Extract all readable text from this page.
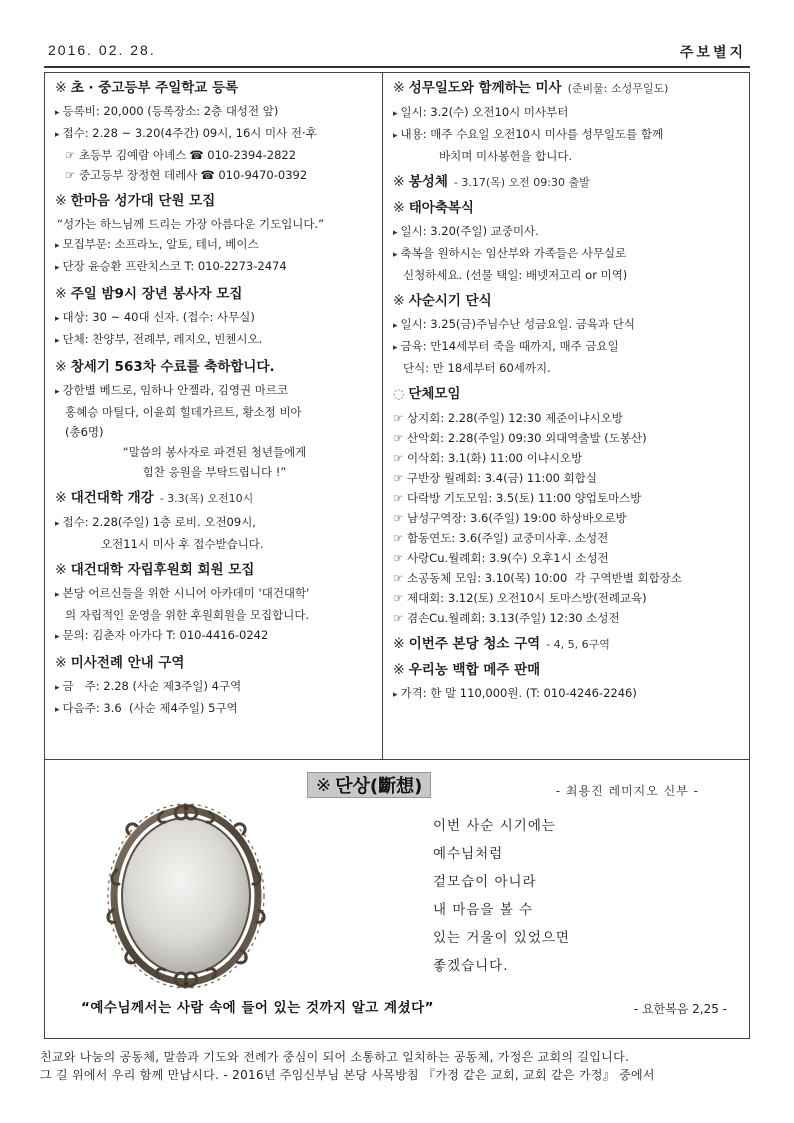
2016. 02. 28.	주보별지
※ 초 · 중고등부 주일학교 등록
▸ 등록비: 20,000 (등록장소: 2층 대성전 앞)
▸ 접수: 2.28 ~ 3.20(4주간) 09시, 16시 미사 전·후
☞ 초등부 김예람 아녜스 ☎ 010-2394-2822
☞ 중고등부 장정현 데레사 ☎ 010-9470-0392
※ 한마음 성가대 단원 모집
“성가는 하느님께 드리는 가장 아름다운 기도입니다.”
▸ 모집부문: 소프라노, 알토, 테너, 베이스
▸ 단장 윤승환 프란치스코 T: 010-2273-2474
※ 주일 밤9시 장년 봉사자 모집
▸ 대상: 30 ~ 40대 신자. (접수: 사무실)
▸ 단체: 찬양부, 전례부, 레지오, 빈첸시오.
※ 창세기 563차 수료를 축하합니다.
▸ 강한별 베드로, 임하나 안젤라, 김영권 마르코
홍혜승 마틸다, 이윤희 힐데가르트, 황소정 비아
(총6명)
“말씀의 봉사자로 파견된 청년들에게
힘찬 응원을 부탁드립니다 !”
※ 대건대학 개강 - 3.3(목) 오전10시
▸ 접수: 2.28(주일) 1층 로비. 오전09시,
오전11시 미사 후 접수받습니다.
※ 대건대학 자립후원회 회원 모집
▸ 본당 어르신들을 위한 시니어 아카데미 '대건대학'
의 자립적인 운영을 위한 후원회원을 모집합니다.
▸ 문의: 김춘자 아가다 T: 010-4416-0242
※ 미사전례 안내 구역
▸ 금   주: 2.28 (사순 제3주일) 4구역
▸ 다음주: 3.6  (사순 제4주일) 5구역
※ 성무일도와 함께하는 미사 (준비물: 소성무일도)
▸ 일시: 3.2(수) 오전10시 미사부터
▸ 내용: 매주 수요일 오전10시 미사를 성무일도를 함께
바치며 미사봉헌을 합니다.
※ 봉성체 - 3.17(목) 오전 09:30 출발
※ 태아축복식
▸ 일시: 3.20(주일) 교중미사.
▸ 축복을 원하시는 임산부와 가족들은 사무실로
신청하세요. (선물 택일: 배넷저고리 or 미역)
※ 사순시기 단식
▸ 일시: 3.25(금)주님수난 성금요일. 금육과 단식
▸ 금육: 만14세부터 죽을 때까지, 매주 금요일
단식: 만 18세부터 60세까지.
◌ 단체모임
☞ 상지회: 2.28(주일) 12:30 제준이냐시오방
☞ 산악회: 2.28(주일) 09:30 외대역출발 (도봉산)
☞ 이삭회: 3.1(화) 11:00 이냐시오방
☞ 구반장 월례회: 3.4(금) 11:00 회합실
☞ 다락방 기도모임: 3.5(토) 11:00 양업토마스방
☞ 남성구역장: 3.6(주일) 19:00 하상바오로방
☞ 함동연도: 3.6(주일) 교중미사후. 소성전
☞ 사랑Cu.월례회: 3.9(수) 오후1시 소성전
☞ 소공동체 모임: 3.10(목) 10:00  각 구역반별 회합장소
☞ 제대회: 3.12(토) 오전10시 토마스방(전례교육)
☞ 겸손Cu.월례회: 3.13(주일) 12:30 소성전
※ 이번주 본당 청소 구역 - 4, 5, 6구역
※ 우리농 백합 메주 판매
▸ 가격: 한 말 110,000원. (T: 010-4246-2246)
※ 단상(斷想)	- 최용진 레미지오 신부 -
이번 사순 시기에는
예수님처럼
겉모습이 아니라
내 마음을 볼 수
있는 거울이 있었으면
좋겠습니다.
“예수님께서는 사람 속에 들어 있는 것까지 알고 계셨다”	- 요한복음 2,25 -
친교와 나눔의 공동체, 말씀과 기도와 전례가 중심이 되어 소통하고 일치하는 공동체, 가정은 교회의 길입니다.
그 길 위에서 우리 함께 만납시다. - 2016년 주임신부님 본당 사목방침 『가정 같은 교회, 교회 같은 가정』 중에서
